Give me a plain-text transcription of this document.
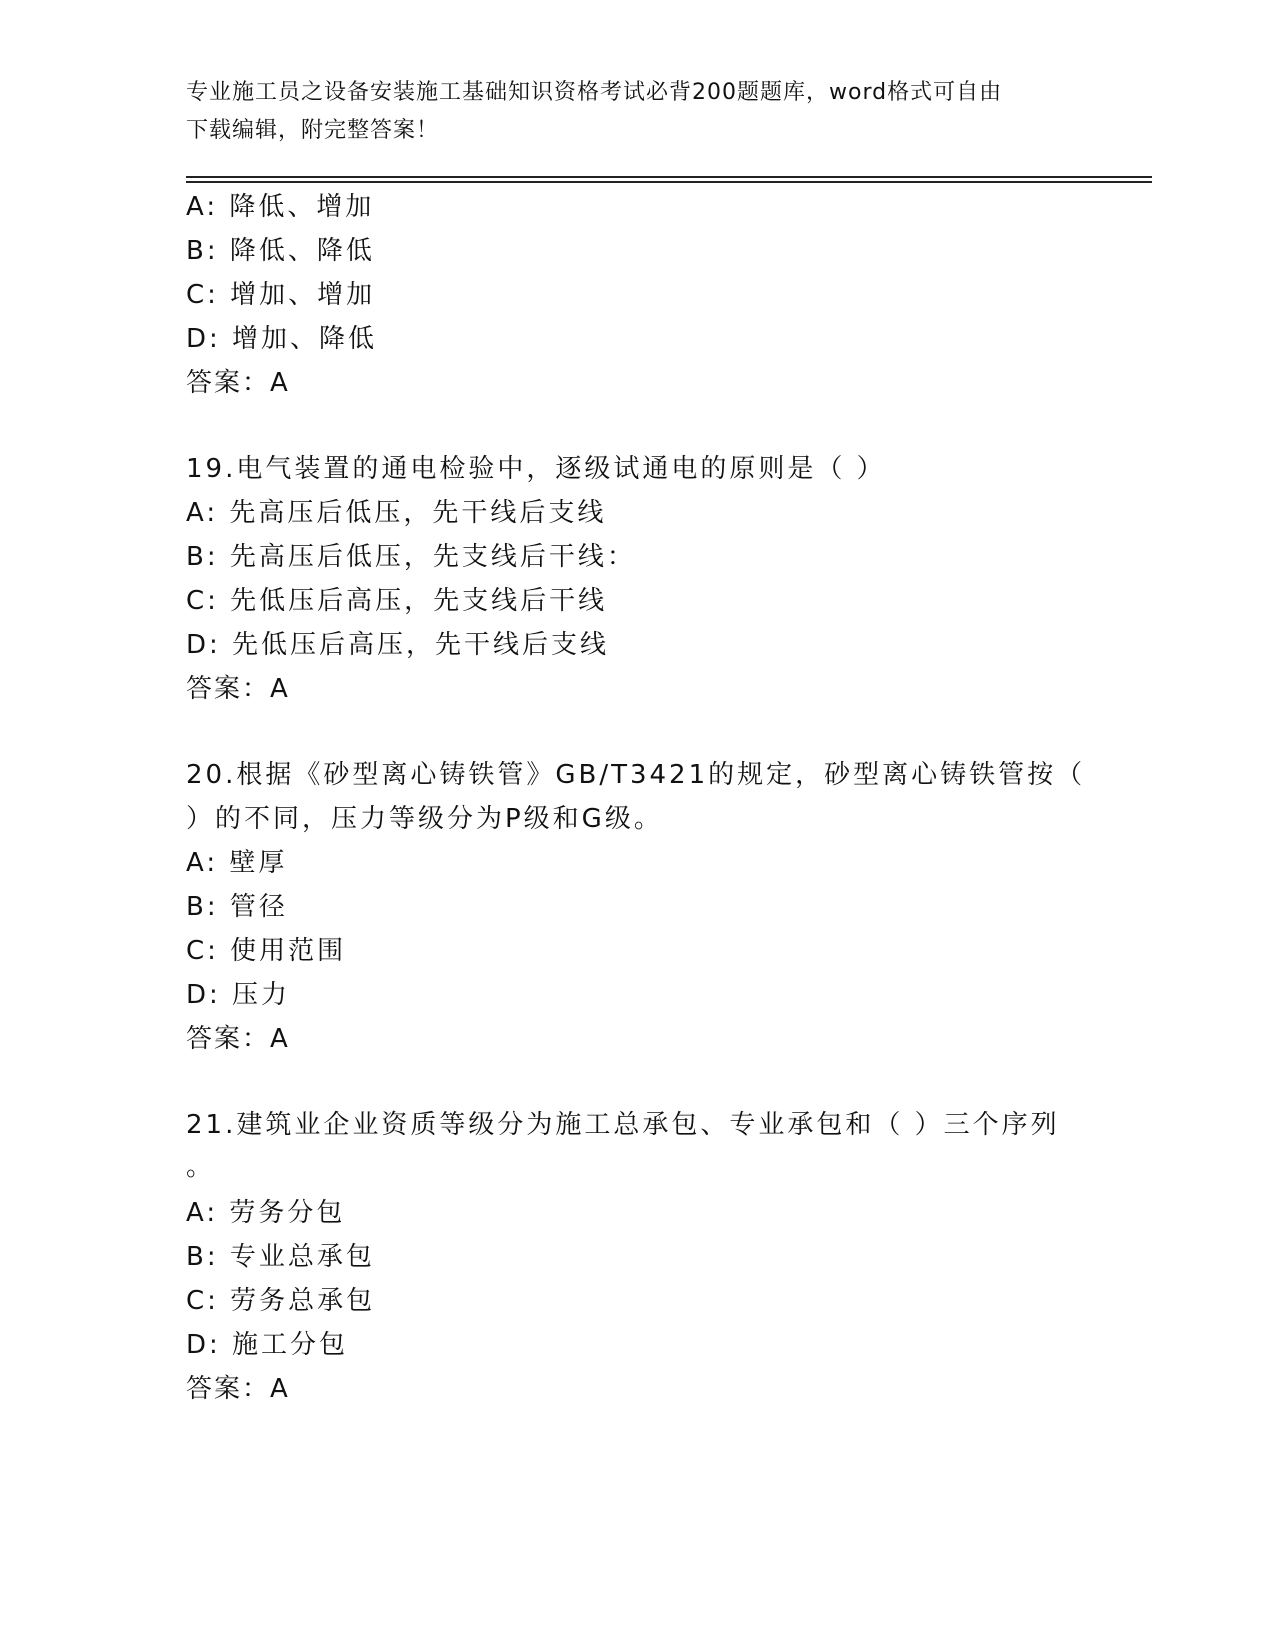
专业施工员之设备安装施工基础知识资格考试必背200题题库，word格式可自由
下载编辑，附完整答案！
A: 降低、增加
B: 降低、降低
C: 增加、增加
D: 增加、降低
答案：A
19.电气装置的通电检验中，逐级试通电的原则是（ ）
A: 先高压后低压，先干线后支线
B: 先高压后低压，先支线后干线：
C: 先低压后高压，先支线后干线
D: 先低压后高压，先干线后支线
答案：A
20.根据《砂型离心铸铁管》GB/T3421的规定，砂型离心铸铁管按（
）的不同，压力等级分为P级和G级。
A: 壁厚
B: 管径
C: 使用范围
D: 压力
答案：A
21.建筑业企业资质等级分为施工总承包、专业承包和（ ）三个序列
。
A: 劳务分包
B: 专业总承包
C: 劳务总承包
D: 施工分包
答案：A
